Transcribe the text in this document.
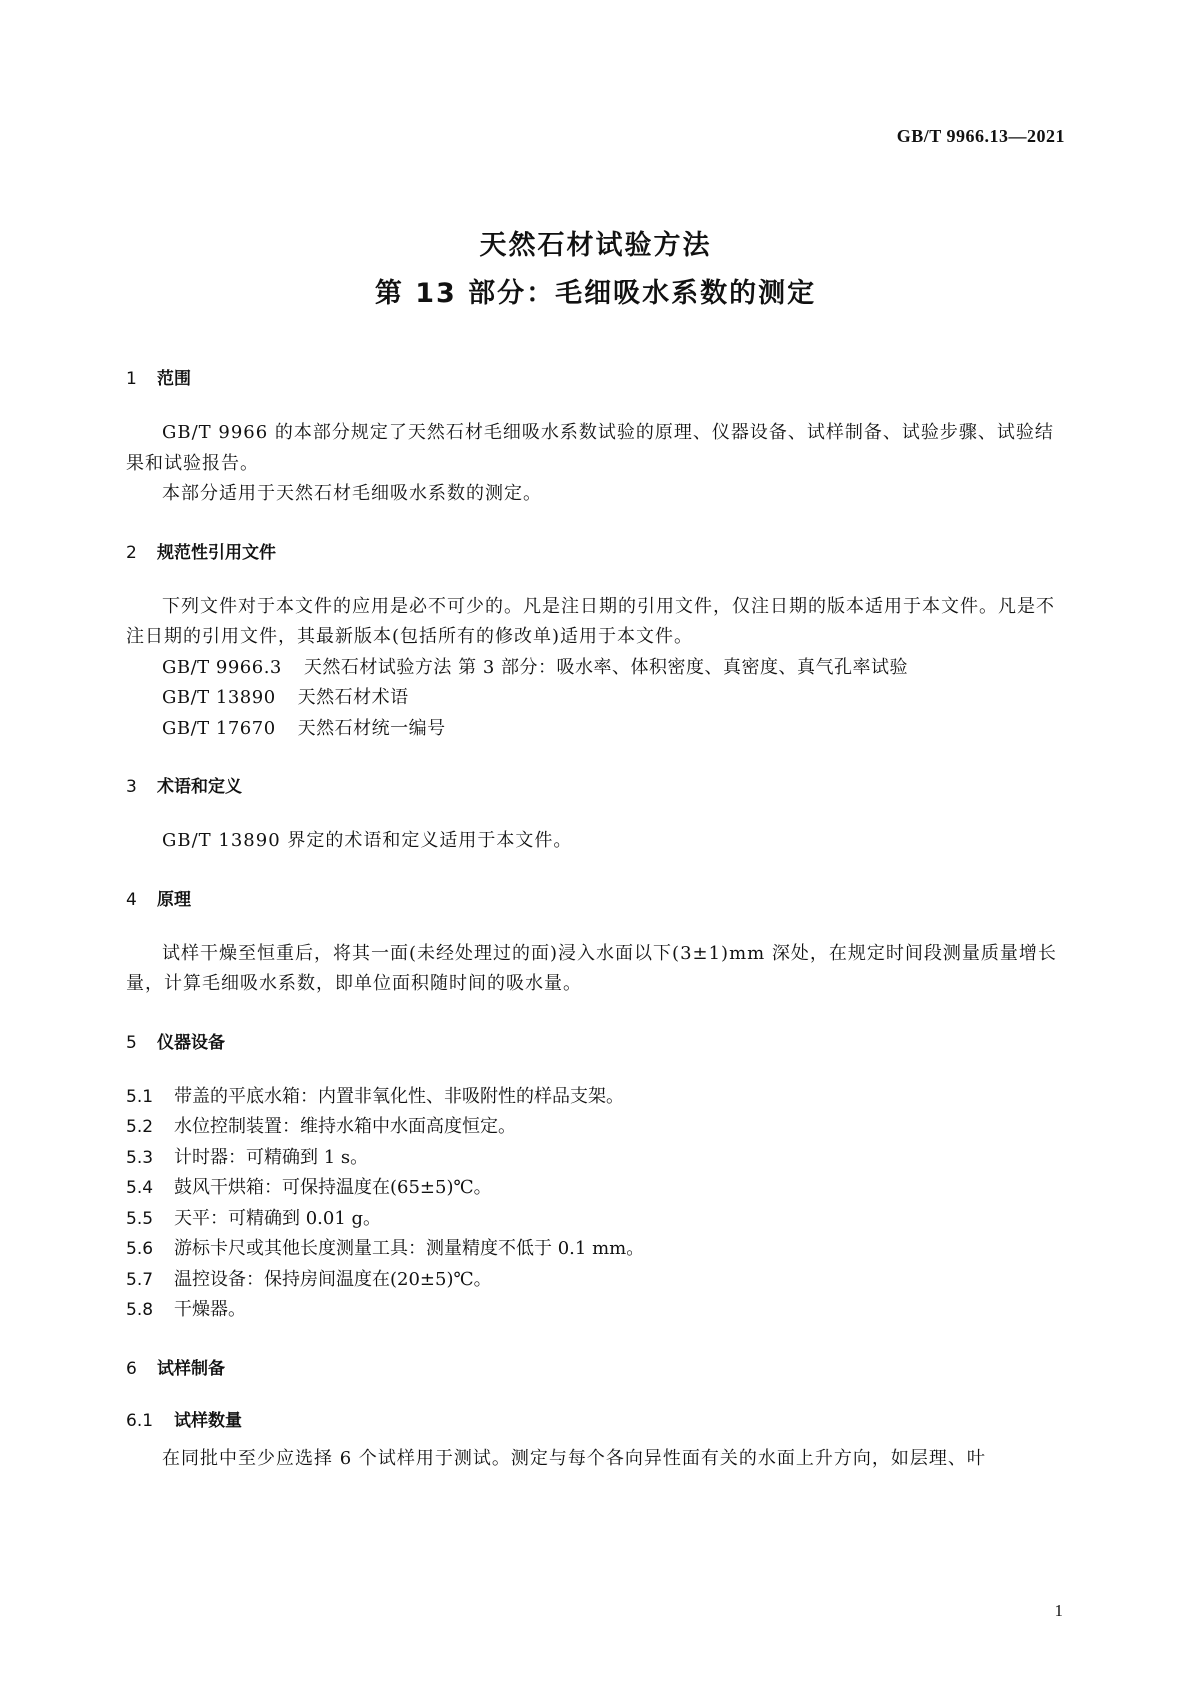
GB/T 9966.13—2021
天然石材试验方法
第 13 部分：毛细吸水系数的测定
1 范围

GB/T 9966 的本部分规定了天然石材毛细吸水系数试验的原理、仪器设备、试样制备、试验步骤、试验结果和试验报告。

本部分适用于天然石材毛细吸水系数的测定。

2 规范性引用文件

下列文件对于本文件的应用是必不可少的。凡是注日期的引用文件，仅注日期的版本适用于本文件。凡是不注日期的引用文件，其最新版本(包括所有的修改单)适用于本文件。

GB/T 9966.3 天然石材试验方法 第 3 部分：吸水率、体积密度、真密度、真气孔率试验
GB/T 13890 天然石材术语
GB/T 17670 天然石材统一编号
3 术语和定义

GB/T 13890 界定的术语和定义适用于本文件。

4 原理

试样干燥至恒重后，将其一面(未经处理过的面)浸入水面以下(3±1)mm 深处，在规定时间段测量质量增长量，计算毛细吸水系数，即单位面积随时间的吸水量。

5 仪器设备
5.1 带盖的平底水箱：内置非氧化性、非吸附性的样品支架。
5.2 水位控制装置：维持水箱中水面高度恒定。
5.3 计时器：可精确到 1 s。
5.4 鼓风干烘箱：可保持温度在(65±5)℃。
5.5 天平：可精确到 0.01 g。
5.6 游标卡尺或其他长度测量工具：测量精度不低于 0.1 mm。
5.7 温控设备：保持房间温度在(20±5)℃。
5.8 干燥器。
6 试样制备
6.1 试样数量

在同批中至少应选择 6 个试样用于测试。测定与每个各向异性面有关的水面上升方向，如层理、叶

1
